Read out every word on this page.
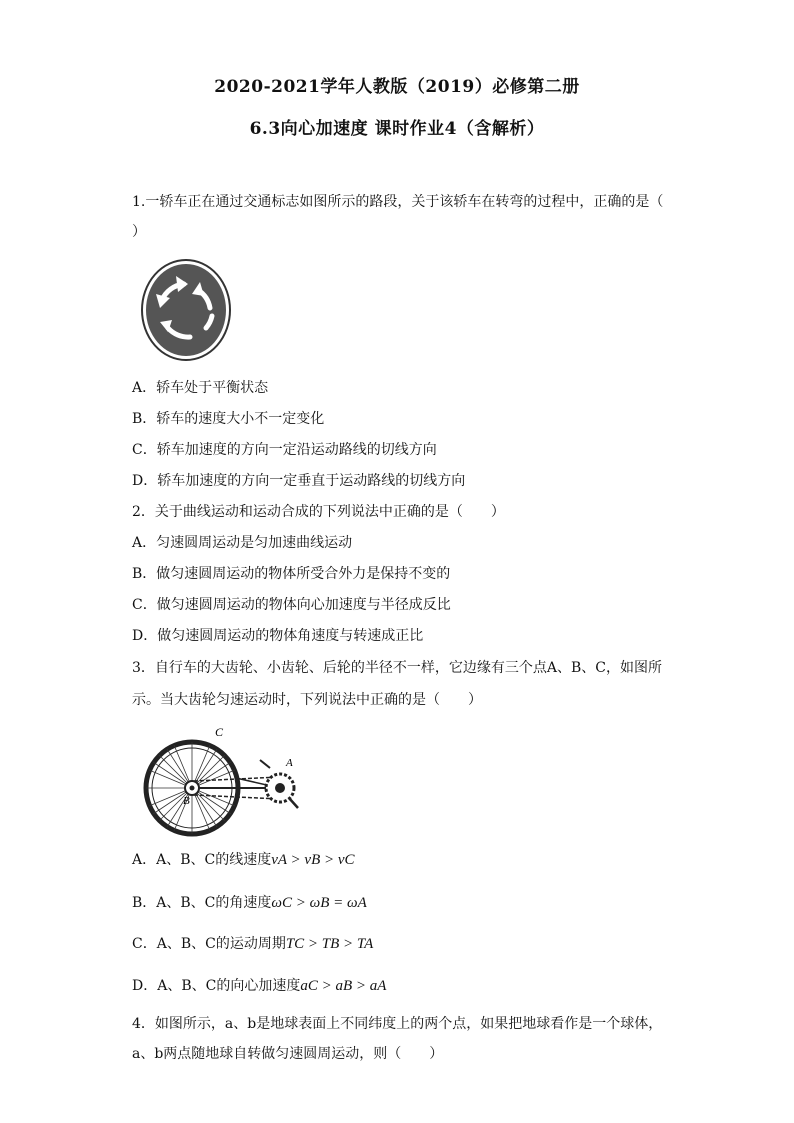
2020-2021学年人教版（2019）必修第二册
6.3向心加速度 课时作业4（含解析）
1.一轿车正在通过交通标志如图所示的路段，关于该轿车在转弯的过程中，正确的是（
）
A．轿车处于平衡状态
B．轿车的速度大小不一定变化
C．轿车加速度的方向一定沿运动路线的切线方向
D．轿车加速度的方向一定垂直于运动路线的切线方向
2．关于曲线运动和运动合成的下列说法中正确的是（　　）
A．匀速圆周运动是匀加速曲线运动
B．做匀速圆周运动的物体所受合外力是保持不变的
C．做匀速圆周运动的物体向心加速度与半径成反比
D．做匀速圆周运动的物体角速度与转速成正比
3．自行车的大齿轮、小齿轮、后轮的半径不一样，它边缘有三个点A、B、C，如图所
示。当大齿轮匀速运动时，下列说法中正确的是（　　）
C
A
B
A．A、B、C的线速度vA > vB > vC
B．A、B、C的角速度ωC > ωB = ωA
C．A、B、C的运动周期TC > TB > TA
D．A、B、C的向心加速度aC > aB > aA
4．如图所示，a、b是地球表面上不同纬度上的两个点，如果把地球看作是一个球体，
a、b两点随地球自转做匀速圆周运动，则（　　）
